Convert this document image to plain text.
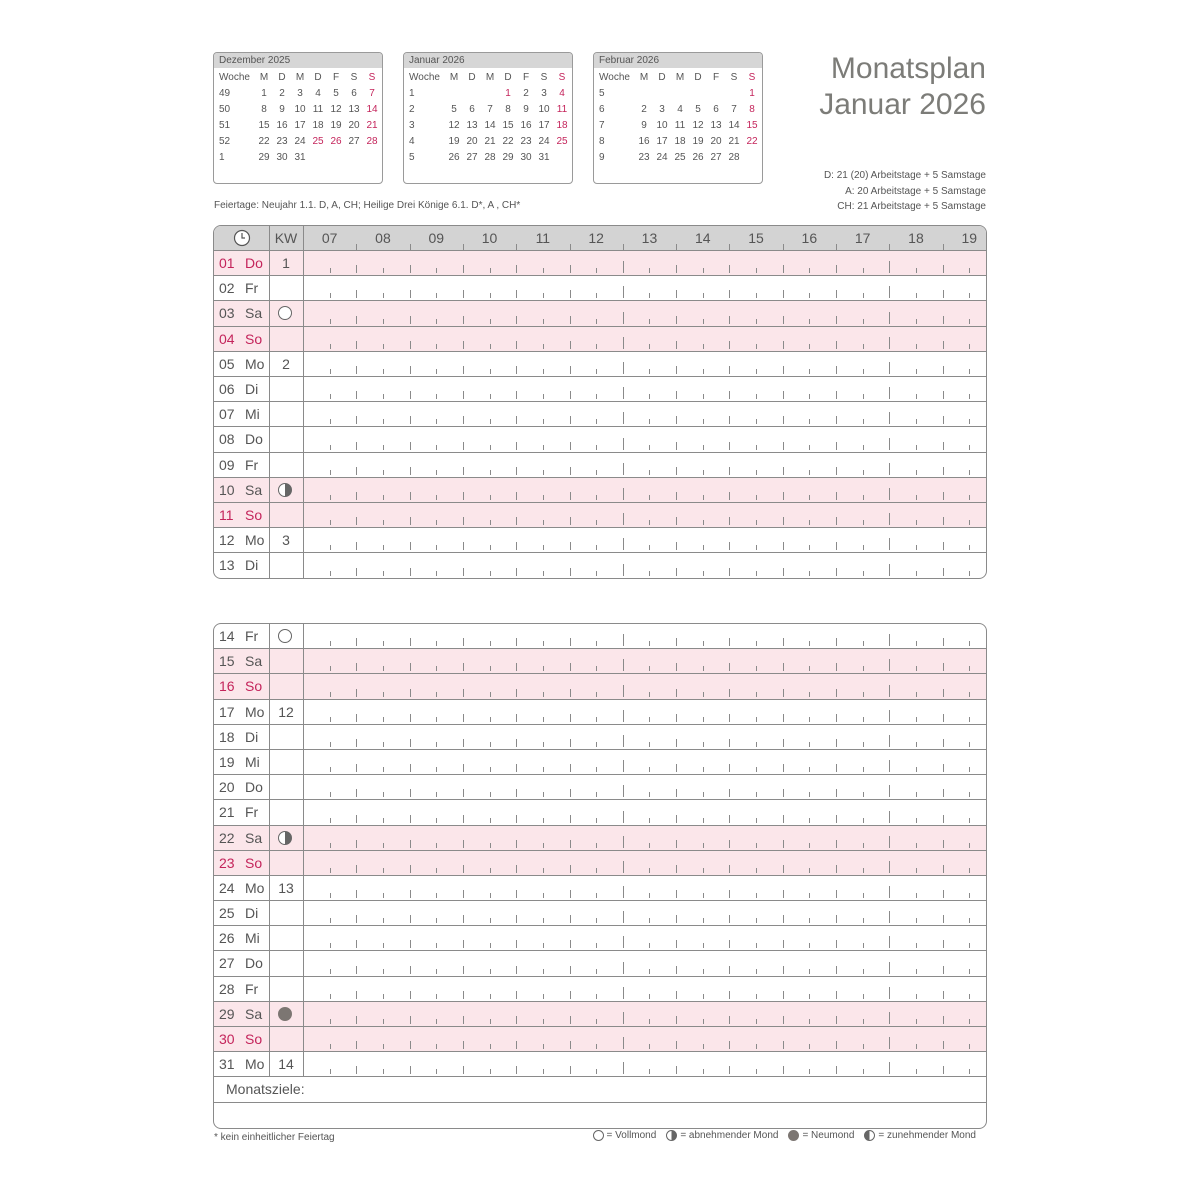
Dezember 2025
Woche	M	D	M	D	F	S	S
49	1	2	3	4	5	6	7
50	8	9	10	11	12	13	14
51	15	16	17	18	19	20	21
52	22	23	24	25	26	27	28
1	29	30	31				
Januar 2026
Woche	M	D	M	D	F	S	S
1				1	2	3	4
2	5	6	7	8	9	10	11
3	12	13	14	15	16	17	18
4	19	20	21	22	23	24	25
5	26	27	28	29	30	31	
Februar 2026
Woche	M	D	M	D	F	S	S
5							1
6	2	3	4	5	6	7	8
7	9	10	11	12	13	14	15
8	16	17	18	19	20	21	22
9	23	24	25	26	27	28	
Monatsplan
Januar 2026
D: 21 (20) Arbeitstage + 5 Samstage
A: 20 Arbeitstage + 5 Samstage
CH: 21 Arbeitstage + 5 Samstage
Feiertage: Neujahr 1.1. D, A, CH; Heilige Drei Könige 6.1. D*, A , CH*
KW	07	08	09	10	11	12	13	14	15	16	17	18	19
01 Do	1
02 Fr
03 Sa
04 So
05 Mo	2
06 Di
07 Mi
08 Do
09 Fr
10 Sa
11 So
12 Mo	3
13 Di
14 Fr
15 Sa
16 So
17 Mo 12
18 Di
19 Mi
20 Do
21 Fr
22 Sa
23 So
24 Mo 13
25 Di
26 Mi
27 Do
28 Fr
29 Sa
30 So
31 Mo 14
Monatsziele:
* kein einheitlicher Feiertag	= Vollmond = abnehmender Mond = Neumond = zunehmender Mond
